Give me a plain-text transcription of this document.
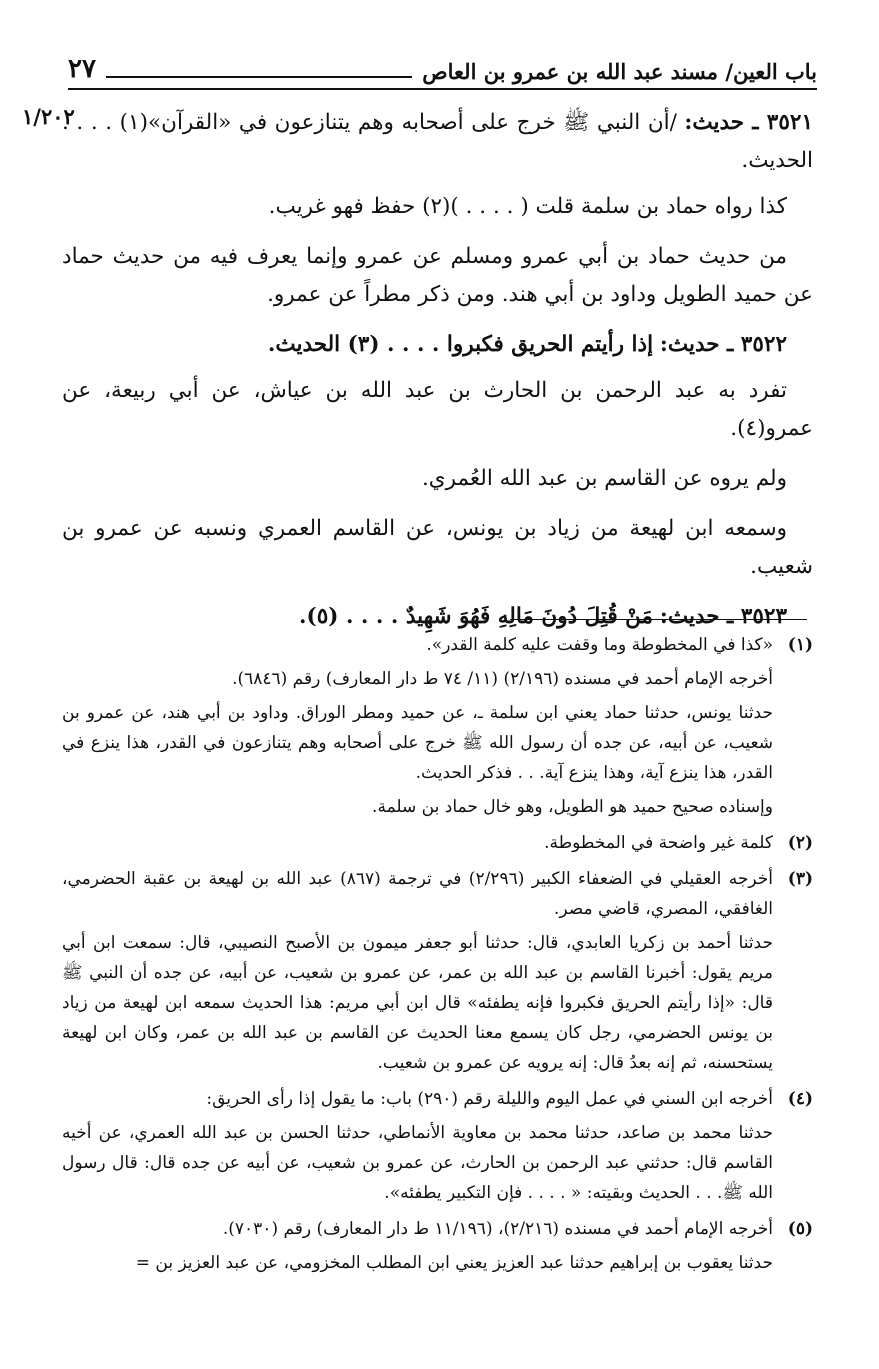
باب العين/ مسند عبد الله بن عمرو بن العاص
٢٧
١/٢٠٢	٣٥٢١ ـ حديث: /أن النبي ﷺ خرج على أصحابه وهم يتنازعون في «القرآن»(١) . . . . الحديث.

كذا رواه حماد بن سلمة قلت ( . . . . )(٢) حفظ فهو غريب.

من حديث حماد بن أبي عمرو ومسلم عن عمرو وإنما يعرف فيه من حديث حماد عن حميد الطويل وداود بن أبي هند. ومن ذكر مطراً عن عمرو.

٣٥٢٢ ـ حديث: إذا رأيتم الحريق فكبروا . . . . (٣) الحديث.

تفرد به عبد الرحمن بن الحارث بن عبد الله بن عياش، عن أبي ربيعة، عن عمرو(٤).

ولم يروه عن القاسم بن عبد الله العُمري.

وسمعه ابن لهيعة من زياد بن يونس، عن القاسم العمري ونسبه عن عمرو بن شعيب.

٣٥٢٣ ـ حديث: مَنْ قُتِلَ دُونَ مَالِهِ فَهُوَ شَهِيدٌ . . . . (٥).

(١)

«كذا في المخطوطة وما وقفت عليه كلمة القدر».

أخرجه الإمام أحمد في مسنده (٢/١٩٦) (١١/ ٧٤ ط دار المعارف) رقم (٦٨٤٦).

حدثنا يونس، حدثنا حماد يعني ابن سلمة ـ، عن حميد ومطر الوراق. وداود بن أبي هند، عن عمرو بن شعيب، عن أبيه، عن جده أن رسول الله ﷺ خرج على أصحابه وهم يتنازعون في القدر، هذا ينزع في القدر، هذا ينزع آية، وهذا ينزع آية. . . فذكر الحديث.

وإسناده صحيح حميد هو الطويل، وهو خال حماد بن سلمة.

(٢)

كلمة غير واضحة في المخطوطة.

(٣)

أخرجه العقيلي في الضعفاء الكبير (٢/٢٩٦) في ترجمة (٨٦٧) عبد الله بن لهيعة بن عقبة الحضرمي، الغافقي، المصري، قاضي مصر.

حدثنا أحمد بن زكريا العابدي، قال: حدثنا أبو جعفر ميمون بن الأصبح النصيبي، قال: سمعت ابن أبي مريم يقول: أخبرنا القاسم بن عبد الله بن عمر، عن عمرو بن شعيب، عن أبيه، عن جده أن النبي ﷺ قال: «إذا رأيتم الحريق فكبروا فإنه يطفئه» قال ابن أبي مريم: هذا الحديث سمعه ابن لهيعة من زياد بن يونس الحضرمي، رجل كان يسمع معنا الحديث عن القاسم بن عبد الله بن عمر، وكان ابن لهيعة يستحسنه، ثم إنه بعدُ قال: إنه يرويه عن عمرو بن شعيب.

(٤)

أخرجه ابن السني في عمل اليوم والليلة رقم (٢٩٠) باب: ما يقول إذا رأى الحريق:

حدثنا محمد بن صاعد، حدثنا محمد بن معاوية الأنماطي، حدثنا الحسن بن عبد الله العمري، عن أخيه القاسم قال: حدثني عبد الرحمن بن الحارث، عن عمرو بن شعيب، عن أبيه عن جده قال: قال رسول الله ﷺ. . . الحديث وبقيته: « . . . . فإن التكبير يطفئه».

(٥)

أخرجه الإمام أحمد في مسنده (٢/٢١٦)، (١١/١٩٦ ط دار المعارف) رقم (٧٠٣٠).

حدثنا يعقوب بن إبراهيم حدثنا عبد العزيز يعني ابن المطلب المخزومي، عن عبد العزيز بن =
